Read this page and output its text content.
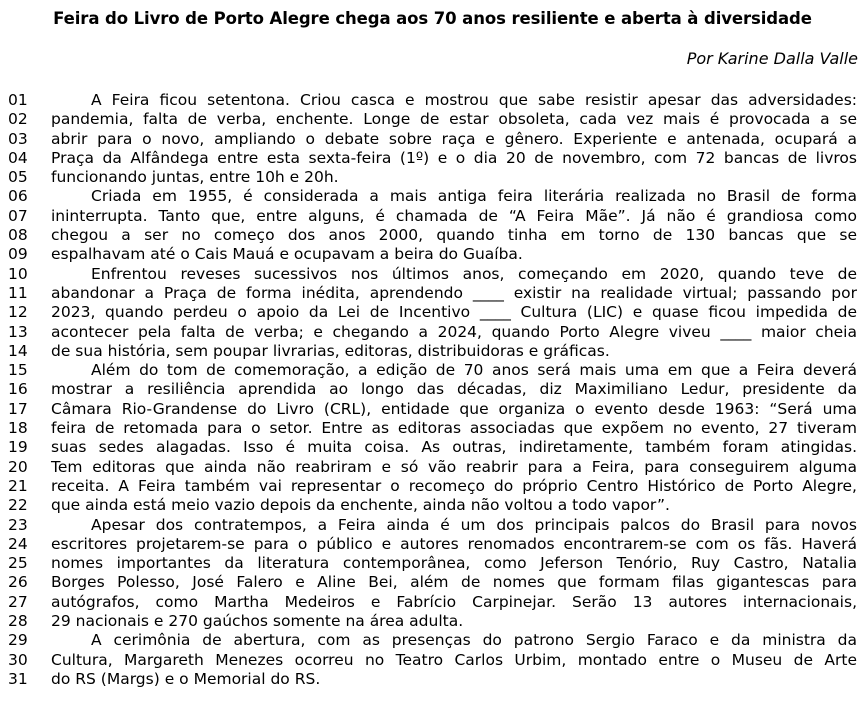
Feira do Livro de Porto Alegre chega aos 70 anos resiliente e aberta à diversidade
Por Karine Dalla Valle
01	A Feira ficou setentona. Criou casca e mostrou que sabe resistir apesar das adversidades:
02	pandemia, falta de verba, enchente. Longe de estar obsoleta, cada vez mais é provocada a se
03	abrir para o novo, ampliando o debate sobre raça e gênero. Experiente e antenada, ocupará a
04	Praça da Alfândega entre esta sexta-feira (1º) e o dia 20 de novembro, com 72 bancas de livros
05	funcionando juntas, entre 10h e 20h.
06	Criada em 1955, é considerada a mais antiga feira literária realizada no Brasil de forma
07	ininterrupta. Tanto que, entre alguns, é chamada de “A Feira Mãe”. Já não é grandiosa como
08	chegou a ser no começo dos anos 2000, quando tinha em torno de 130 bancas que se
09	espalhavam até o Cais Mauá e ocupavam a beira do Guaíba.
10	Enfrentou reveses sucessivos nos últimos anos, começando em 2020, quando teve de
11	abandonar a Praça de forma inédita, aprendendo ____ existir na realidade virtual; passando por
12	2023, quando perdeu o apoio da Lei de Incentivo ____ Cultura (LIC) e quase ficou impedida de
13	acontecer pela falta de verba; e chegando a 2024, quando Porto Alegre viveu ____ maior cheia
14	de sua história, sem poupar livrarias, editoras, distribuidoras e gráficas.
15	Além do tom de comemoração, a edição de 70 anos será mais uma em que a Feira deverá
16	mostrar a resiliência aprendida ao longo das décadas, diz Maximiliano Ledur, presidente da
17	Câmara Rio-Grandense do Livro (CRL), entidade que organiza o evento desde 1963: “Será uma
18	feira de retomada para o setor. Entre as editoras associadas que expõem no evento, 27 tiveram
19	suas sedes alagadas. Isso é muita coisa. As outras, indiretamente, também foram atingidas.
20	Tem editoras que ainda não reabriram e só vão reabrir para a Feira, para conseguirem alguma
21	receita. A Feira também vai representar o recomeço do próprio Centro Histórico de Porto Alegre,
22	que ainda está meio vazio depois da enchente, ainda não voltou a todo vapor”.
23	Apesar dos contratempos, a Feira ainda é um dos principais palcos do Brasil para novos
24	escritores projetarem-se para o público e autores renomados encontrarem-se com os fãs. Haverá
25	nomes importantes da literatura contemporânea, como Jeferson Tenório, Ruy Castro, Natalia
26	Borges Polesso, José Falero e Aline Bei, além de nomes que formam filas gigantescas para
27	autógrafos, como Martha Medeiros e Fabrício Carpinejar. Serão 13 autores internacionais,
28	29 nacionais e 270 gaúchos somente na área adulta.
29	A cerimônia de abertura, com as presenças do patrono Sergio Faraco e da ministra da
30	Cultura, Margareth Menezes ocorreu no Teatro Carlos Urbim, montado entre o Museu de Arte
31	do RS (Margs) e o Memorial do RS.
